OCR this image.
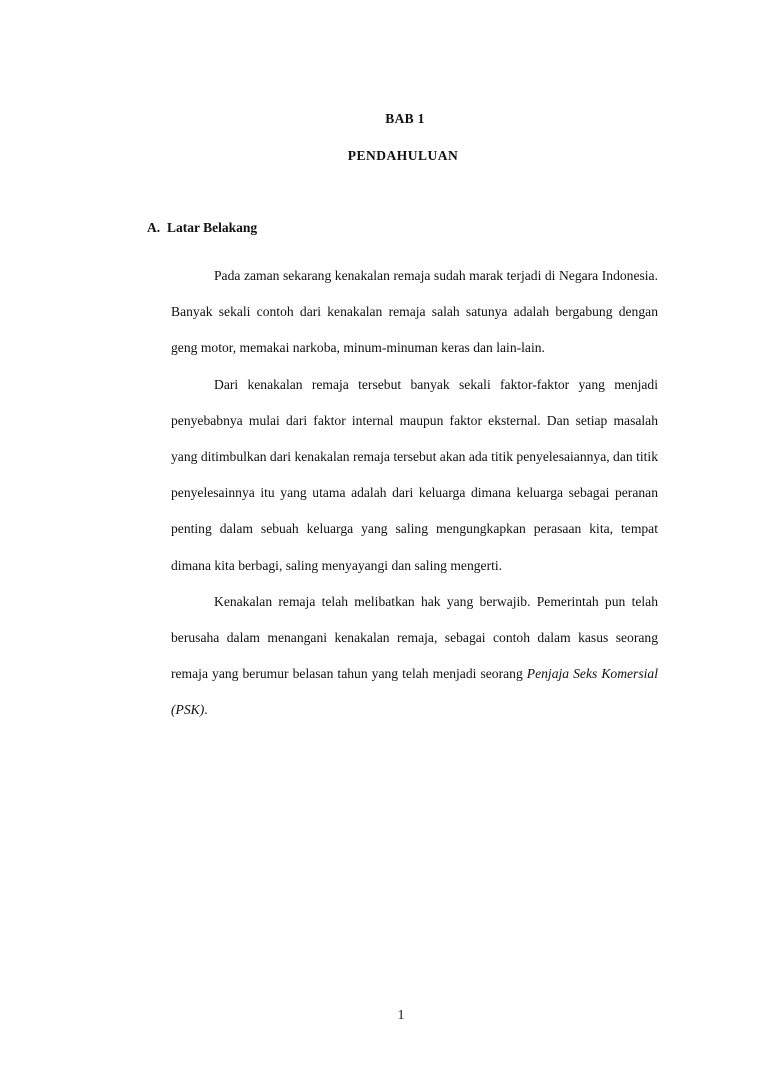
BAB 1
PENDAHULUAN
A. Latar Belakang

Pada zaman sekarang kenakalan remaja sudah marak terjadi di Negara Indonesia. Banyak sekali contoh dari kenakalan remaja salah satunya adalah bergabung dengan geng motor, memakai narkoba, minum-minuman keras dan lain-lain.

Dari kenakalan remaja tersebut banyak sekali faktor-faktor yang menjadi penyebabnya mulai dari faktor internal maupun faktor eksternal. Dan setiap masalah yang ditimbulkan dari kenakalan remaja tersebut akan ada titik penyelesaiannya, dan titik penyelesainnya itu yang utama adalah dari keluarga dimana keluarga sebagai peranan penting dalam sebuah keluarga yang saling mengungkapkan perasaan kita, tempat dimana kita berbagi, saling menyayangi dan saling mengerti.

Kenakalan remaja telah melibatkan hak yang berwajib. Pemerintah pun telah berusaha dalam menangani kenakalan remaja, sebagai contoh dalam kasus seorang remaja yang berumur belasan tahun yang telah menjadi seorang Penjaja Seks Komersial (PSK).

1
